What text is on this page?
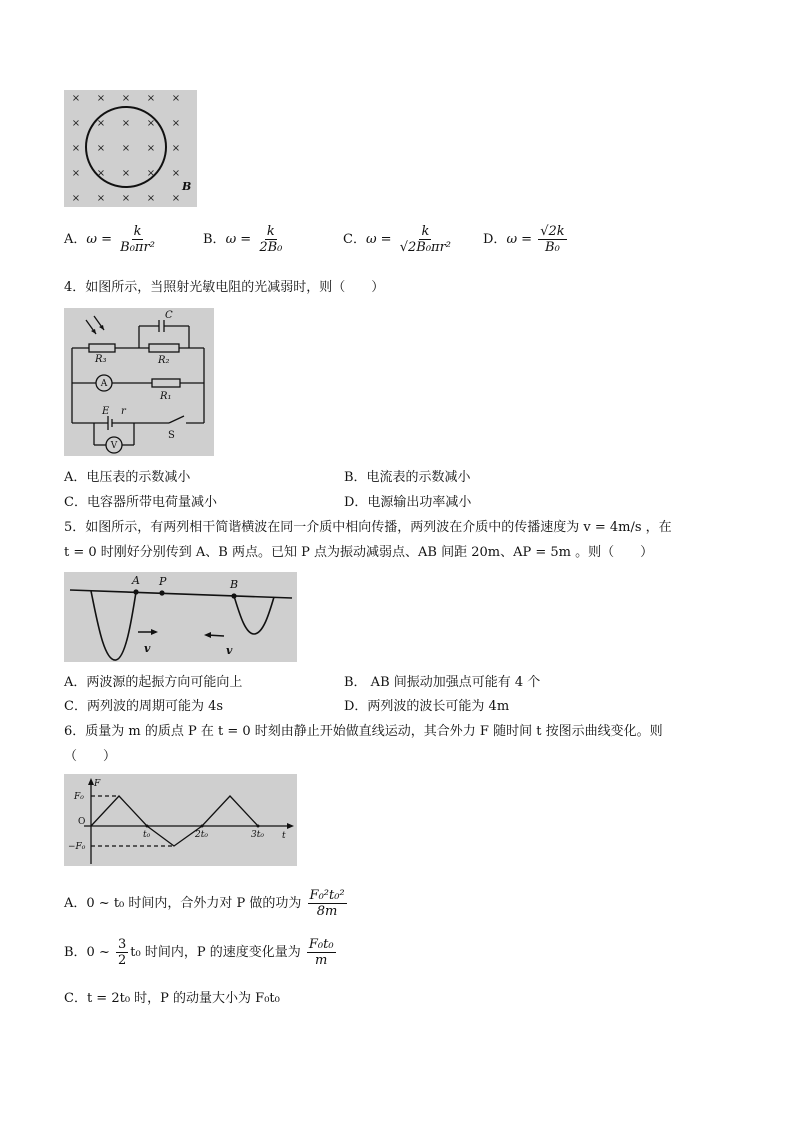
× × × × ×
× × × × ×
× × × × ×
× × × × ×
× × × × ×
B
A．$\omega = \frac{k}{\text{B₀πr²}}$	B．$\omega = \frac{k}{\text{2B₀}}$	C．$\omega = \frac{k}{\text{√2B₀πr²}}$ D．$\omega = \frac{√2k}{\text{B₀}}$
4．如图所示，当照射光敏电阻的光减弱时，则（　　）
C
R₃	R₂
R₁
E r
A
V
S
A．电压表的示数减小	B．电流表的示数减小
C．电容器所带电荷量减小	D．电源输出功率减小
5．如图所示，有两列相干简谐横波在同一介质中相向传播，两列波在介质中的传播速度为 v = 4m/s ，在
t = 0 时刚好分别传到 A、B 两点。已知 P 点为振动减弱点、AB 间距 20m、AP = 5m 。则（　　）
A P	B
v	v
A．两波源的起振方向可能向上	B． AB 间振动加强点可能有 4 个
C．两列波的周期可能为 4s	D．两列波的波长可能为 4m
6．质量为 m 的质点 P 在 t = 0 时刻由静止开始做直线运动，其合外力 F 随时间 t 按图示曲线变化。则
（　　）
F
F₀
O
−F₀
t₀	2t₀	3t₀ t
A．0 ~ t₀ 时间内，合外力对 P 做的功为 $\frac{\text{F₀²t₀²}}{8m}$
B．0 ~ $\frac{3}{2} t_0$ 时间内，P 的速度变化量为 $\frac{\text{F₀t₀}}{m}$
C．t = 2t₀ 时，P 的动量大小为 F₀t₀
